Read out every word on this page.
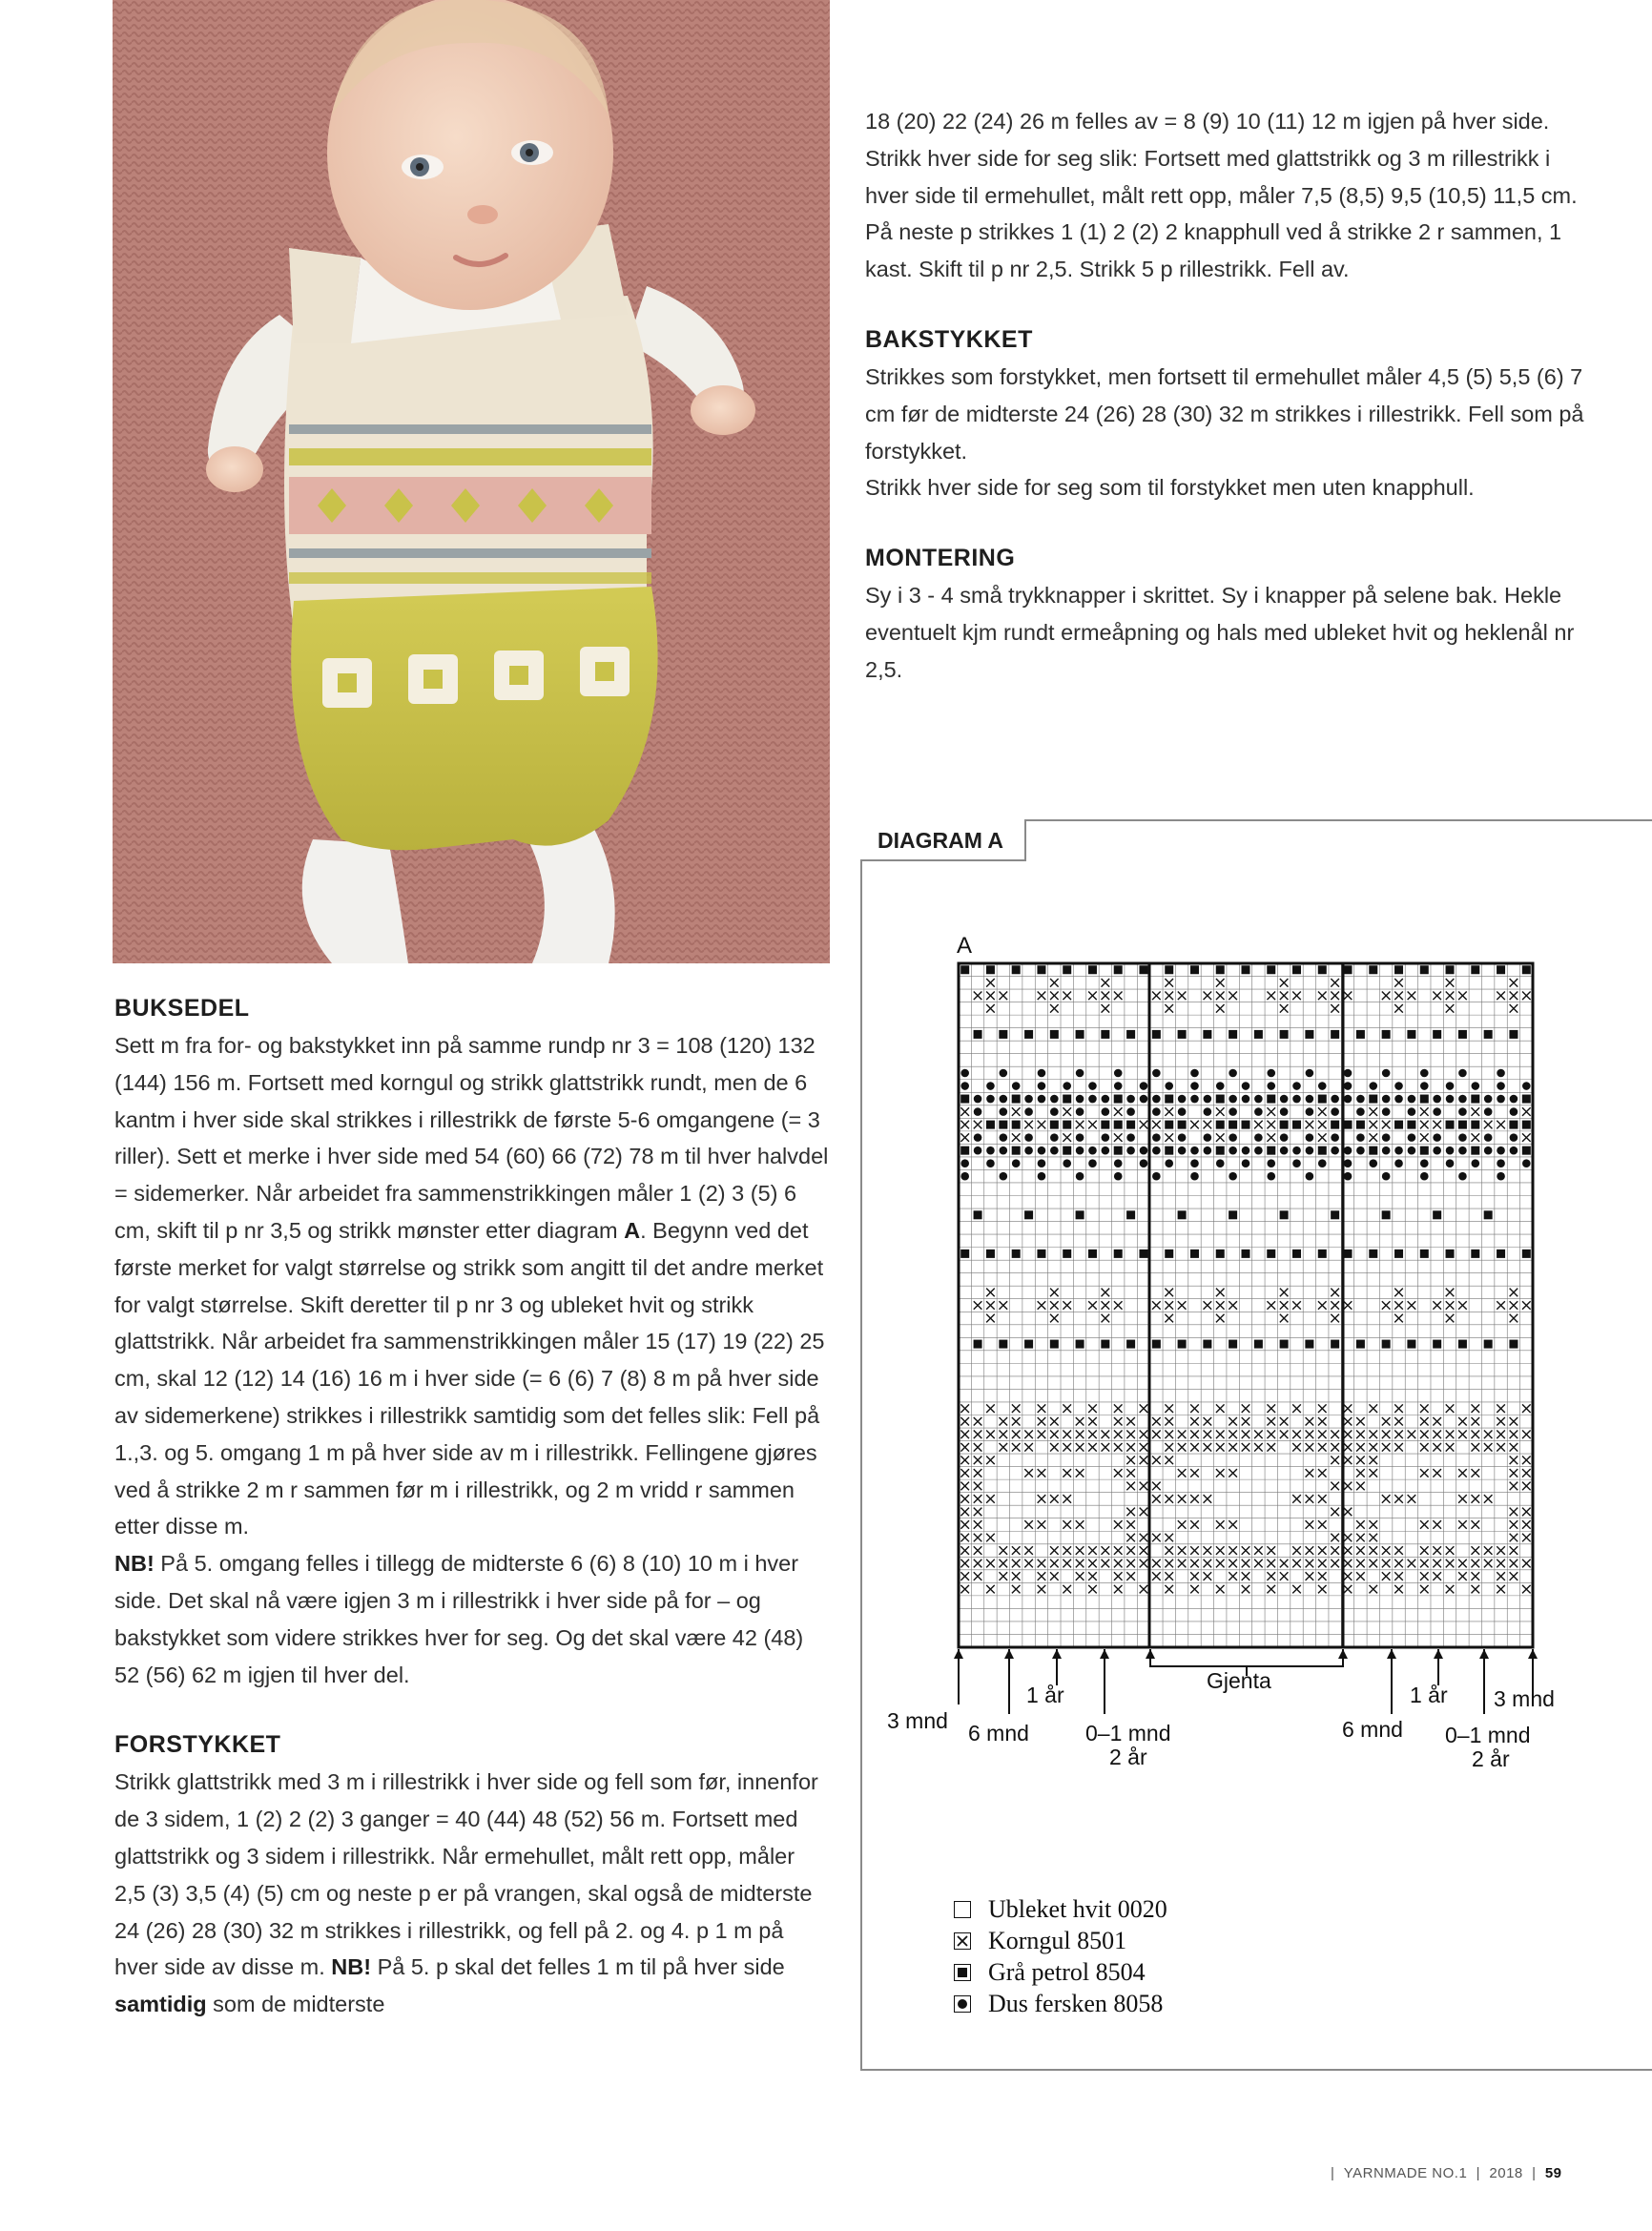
18 (20) 22 (24) 26 m felles av = 8 (9) 10 (11) 12 m igjen på hver side. Strikk hver side for seg slik: Fortsett med glattstrikk og 3 m rillestrikk i hver side til ermehullet, målt rett opp, måler 7,5 (8,5) 9,5 (10,5) 11,5 cm. På neste p strikkes 1 (1) 2 (2) 2 knapphull ved å strikke 2 r sammen, 1 kast. Skift til p nr 2,5. Strikk 5 p rillestrikk. Fell av.

BAKSTYKKET

Strikkes som forstykket, men fortsett til ermehullet måler 4,5 (5) 5,5 (6) 7 cm før de midterste 24 (26) 28 (30) 32 m strikkes i rillestrikk. Fell som på forstykket.

Strikk hver side for seg som til forstykket men uten knapphull.

MONTERING

Sy i 3 - 4 små trykknapper i skrittet. Sy i knapper på selene bak. Hekle eventuelt kjm rundt ermeåpning og hals med ubleket hvit og heklenål nr 2,5.

BUKSEDEL

Sett m fra for- og bakstykket inn på samme rundp nr 3 = 108 (120) 132 (144) 156 m. Fortsett med korngul og strikk glattstrikk rundt, men de 6 kantm i hver side skal strikkes i rillestrikk de første 5-6 omgangene (= 3 riller). Sett et merke i hver side med 54 (60) 66 (72) 78 m til hver halvdel = sidemerker. Når arbeidet fra sammenstrikkingen måler 1 (2) 3 (5) 6 cm, skift til p nr 3,5 og strikk mønster etter diagram A. Begynn ved det første merket for valgt størrelse og strikk som angitt til det andre merket for valgt størrelse. Skift deretter til p nr 3 og ubleket hvit og strikk glattstrikk. Når arbeidet fra sammenstrikkingen måler 15 (17) 19 (22) 25 cm, skal 12 (12) 14 (16) 16 m i hver side (= 6 (6) 7 (8) 8 m på hver side av sidemerkene) strikkes i rillestrikk samtidig som det felles slik: Fell på 1.,3. og 5. omgang 1 m på hver side av m i rillestrikk. Fellingene gjøres ved å strikke 2 m r sammen før m i rillestrikk, og 2 m vridd r sammen etter disse m.

NB! På 5. omgang felles i tillegg de midterste 6 (6) 8 (10) 10 m i hver side. Det skal nå være igjen 3 m i rillestrikk i hver side på for – og bakstykket som videre strikkes hver for seg. Og det skal være 42 (48) 52 (56) 62 m igjen til hver del.

FORSTYKKET

Strikk glattstrikk med 3 m i rillestrikk i hver side og fell som før, innenfor de 3 sidem, 1 (2) 2 (2) 3 ganger = 40 (44) 48 (52) 56 m. Fortsett med glattstrikk og 3 sidem i rillestrikk. Når ermehullet, målt rett opp, måler 2,5 (3) 3,5 (4) (5) cm og neste p er på vrangen, skal også de midterste 24 (26) 28 (30) 32 m strikkes i rillestrikk, og fell på 2. og 4. p 1 m på hver side av disse m. NB! På 5. p skal det felles 1 m til på hver side samtidig som de midterste

DIAGRAM A
A
3 mnd 6 mnd
1 år
0–1 mnd
2 år
Gjenta
6 mnd
1 år 3 mnd
0–1 mnd
2 år
Ubleket hvit 0020
Korngul 8501
Grå petrol 8504
Dus fersken 8058
|  YARNMADE NO.1  |  2018  |  59
